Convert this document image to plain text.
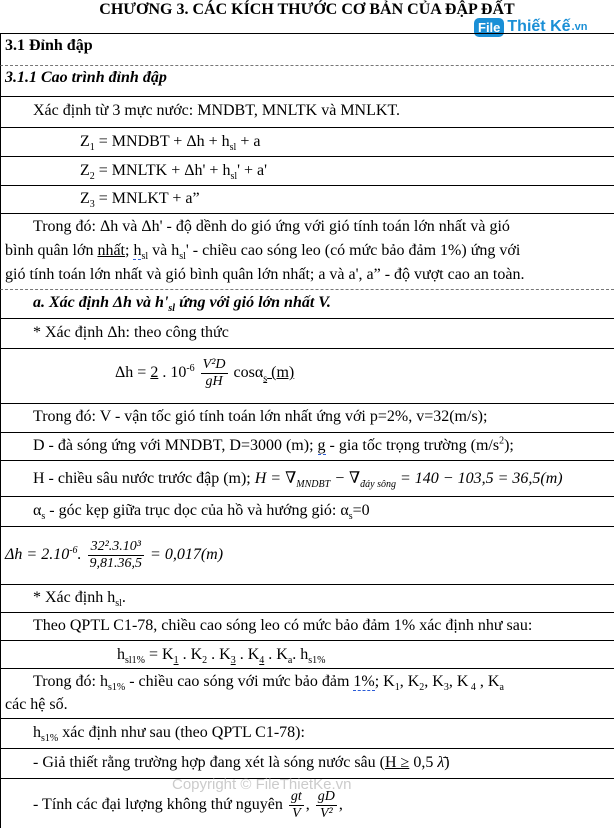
CHƯƠNG 3. CÁC KÍCH THƯỚC CƠ BẢN CỦA ĐẬP ĐẤT
File Thiết Kế .vn
3.1 Đỉnh đập
3.1.1 Cao trình đỉnh đập
Xác định từ 3 mực nước: MNDBT, MNLTK và MNLKT.
$Z_1$ = MNDBT + $\Delta h + h_{sl} + a$
$Z_2$ = MNLTK + $\Delta h' + h_{sl}' + a'$
$Z_3$ = MNLKT + a”
Trong đó: Δh và Δh' - độ dềnh do gió ứng với gió tính toán lớn nhất và gió
bình quân lớn nhất; $h_{sl}$ và $h_{sl}'$ - chiều cao sóng leo (có mức bảo đảm 1%) ứng với
gió tính toán lớn nhất và gió bình quân lớn nhất; a và a', a” - độ vượt cao an toàn.
a. Xác định Δh và $h'_{sl}$ ứng với gió lớn nhất V.
* Xác định Δh: theo công thức
Δh = 2 . $10^{-6} \frac{\text{V²D}}{gH} \cos\alpha_s$ (m)
Trong đó: V - vận tốc gió tính toán lớn nhất ứng với p=2%, v=32(m/s);
D - đà sóng ứng với MNDBT, D=3000 (m); g - gia tốc trọng trường $(m/s^2)$;
H - chiều sâu nước trước đập (m); $H = \nabla_{MNDBT} - \nabla_{đáy sông} = 140 - 103,5 = 36,5(m)$
$\alpha_s$ - góc kẹp giữa trục dọc của hồ và hướng gió: $\alpha_s=0$
$\Delta h = 2.10^{-6}$. $\frac{\text{32².3.10³}}{9,81.36,5} = 0,017(m)$
* Xác định $h_{sl}$.
Theo QPTL C1-78, chiều cao sóng leo có mức bảo đảm 1% xác định như sau:
$h_{sl1\%} = K_1$ . $K_2$ . $K_3$ . $K_4$ . $K_a$. $h_{s1\%}$
Trong đó: $h_{s1\%}$ - chiều cao sóng với mức bảo đảm 1%; $K_1$, $K_2$, $K_3$, K $_4$ , $K_a$
các hệ số.
$h_{s1\%}$ xác định như sau (theo QPTL C1-78):
- Giả thiết rằng trường hợp đang xét là sóng nước sâu (H ≥ 0,5 λ̄)
- Tính các đại lượng không thứ nguyên $\frac{gt}{V}$ , $\frac{gD}{\text{V²}}$ ,
Copyright © FileThietKe.vn
